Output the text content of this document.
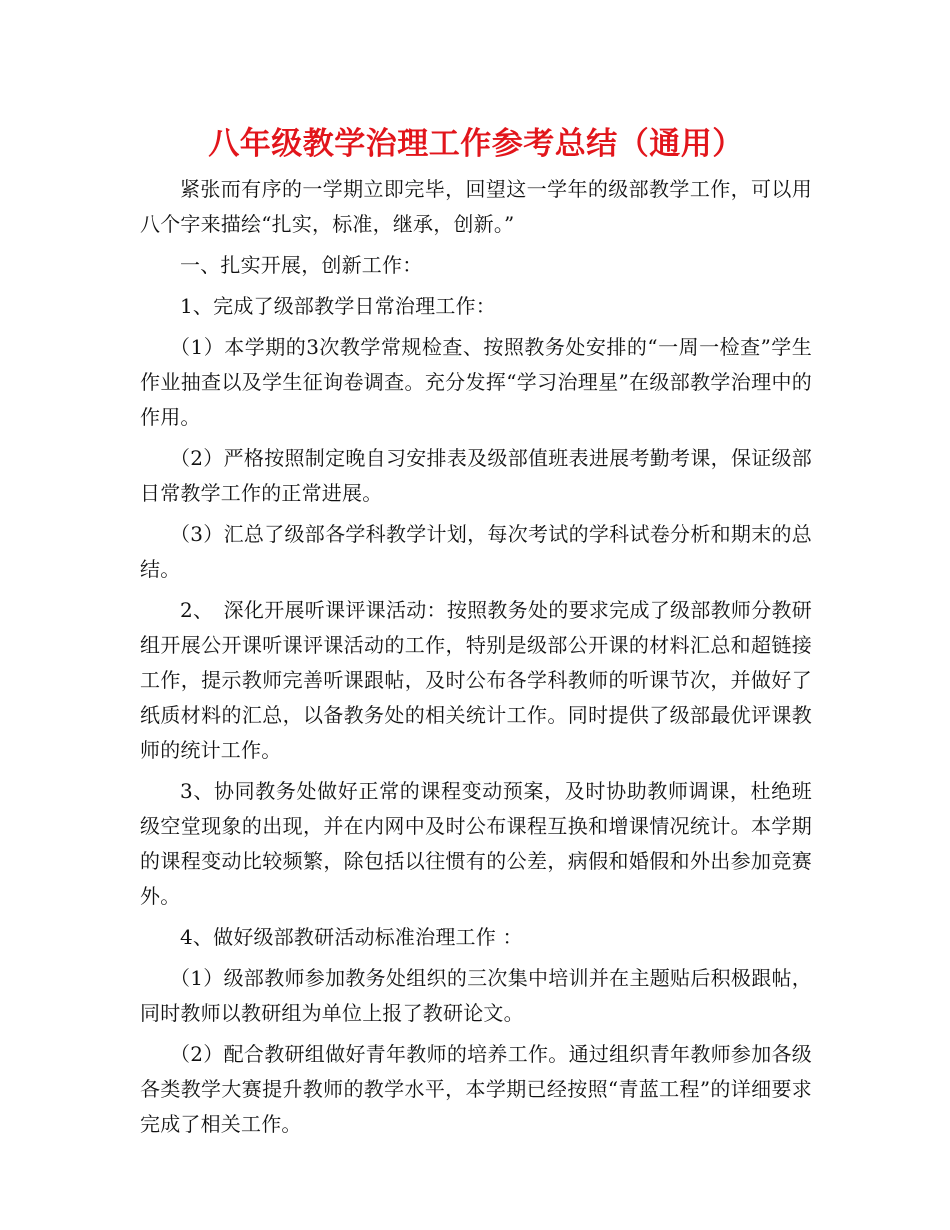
八年级教学治理工作参考总结（通用）

紧张而有序的一学期立即完毕，回望这一学年的级部教学工作，可以用八个字来描绘“扎实，标准，继承，创新。”

一、扎实开展，创新工作：

1、完成了级部教学日常治理工作：

（1）本学期的3次教学常规检查、按照教务处安排的“一周一检查”学生作业抽查以及学生征询卷调查。充分发挥“学习治理星”在级部教学治理中的作用。

（2）严格按照制定晚自习安排表及级部值班表进展考勤考课，保证级部日常教学工作的正常进展。

（3）汇总了级部各学科教学计划，每次考试的学科试卷分析和期末的总结。

2、　深化开展听课评课活动：按照教务处的要求完成了级部教师分教研组开展公开课听课评课活动的工作，特别是级部公开课的材料汇总和超链接工作，提示教师完善听课跟帖，及时公布各学科教师的听课节次，并做好了纸质材料的汇总，以备教务处的相关统计工作。同时提供了级部最优评课教师的统计工作。

3、协同教务处做好正常的课程变动预案，及时协助教师调课，杜绝班级空堂现象的出现，并在内网中及时公布课程互换和增课情况统计。本学期的课程变动比较频繁，除包括以往惯有的公差，病假和婚假和外出参加竞赛外。

4、做好级部教研活动标准治理工作 ：

（1）级部教师参加教务处组织的三次集中培训并在主题贴后积极跟帖，同时教师以教研组为单位上报了教研论文。

（2）配合教研组做好青年教师的培养工作。通过组织青年教师参加各级各类教学大赛提升教师的教学水平，本学期已经按照“青蓝工程”的详细要求完成了相关工作。
